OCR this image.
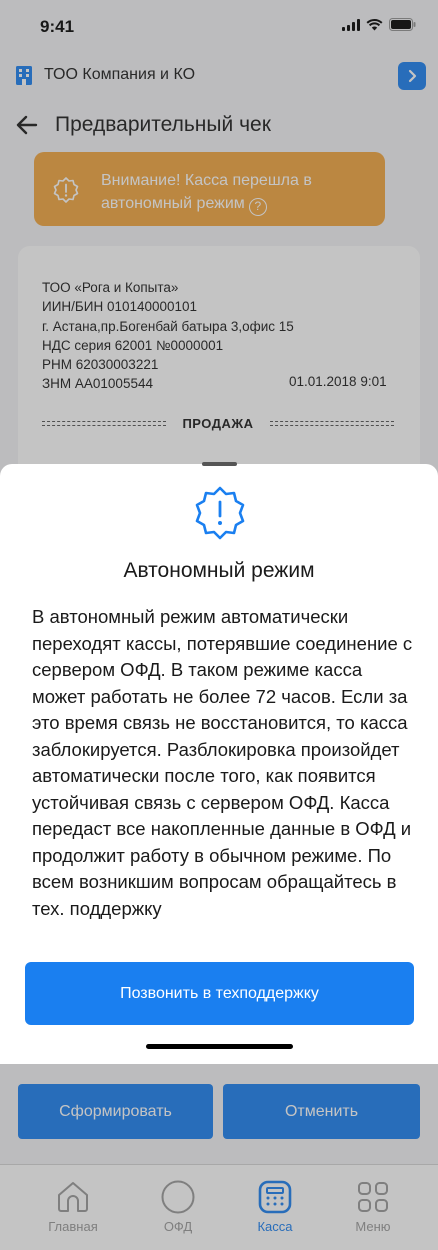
9:41
ТОО Компания и КО
Предварительный чек
Внимание! Касса перешла в автономный режим ?
ТОО «Рога и Копыта»
ИИН/БИН 010140000101
г. Астана,пр.Богенбай батыра 3,офис 15
НДС серия 62001 №0000001
РНМ 62030003221
ЗНМ АА01005544	01.01.2018 9:01
ПРОДАЖА
Сформировать	Отменить
Главная	ОФД	Касса	Меню
Автономный режим
В автономный режим автоматически переходят кассы, потерявшие соединение с сервером ОФД. В таком режиме касса может работать не более 72 часов. Если за это время связь не восстановится, то касса заблокируется. Разблокировка произойдет автоматически после того, как появится устойчивая связь с сервером ОФД. Касса передаст все накопленные данные в ОФД и продолжит работу в обычном режиме. По всем возникшим вопросам обращайтесь в тех. поддержку
Позвонить в техподдержку
